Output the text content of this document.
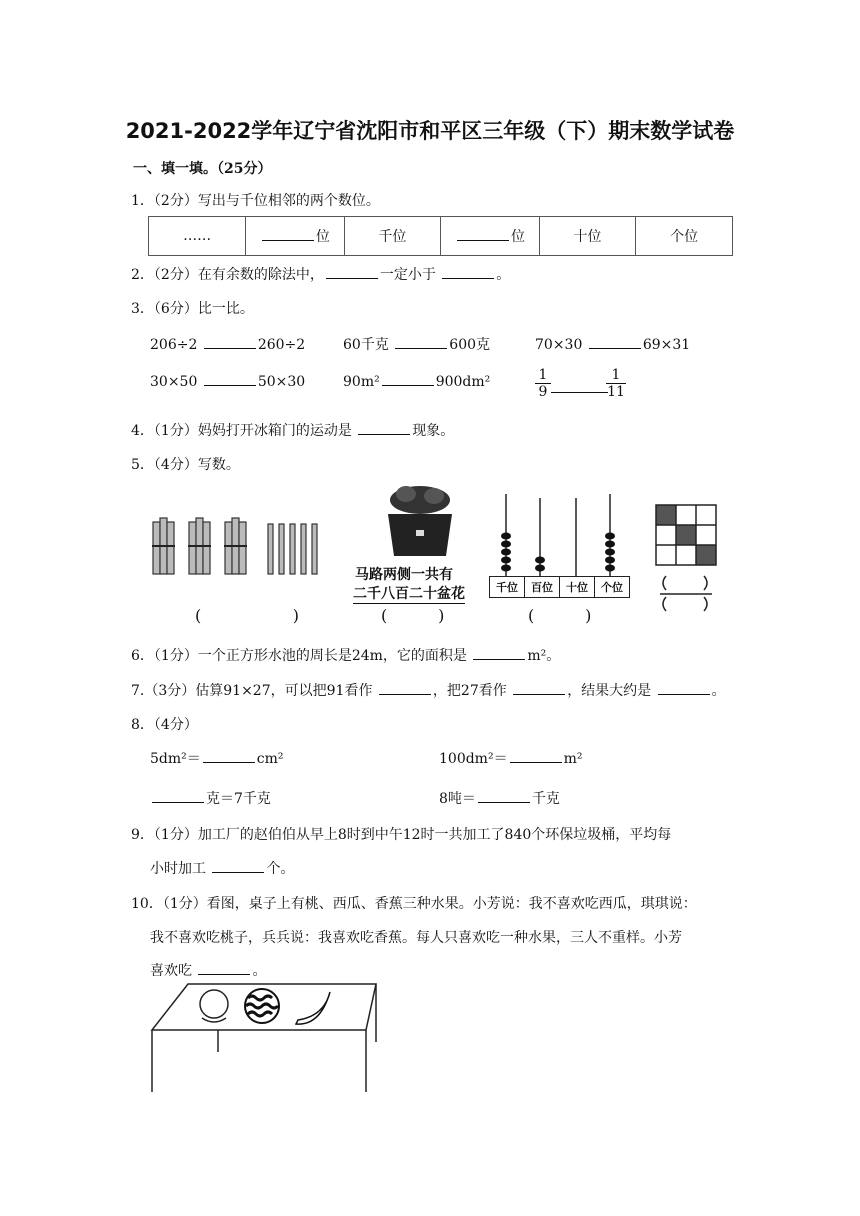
2021-2022学年辽宁省沈阳市和平区三年级（下）期末数学试卷
一、填一填。（25分）
1．（2分）写出与千位相邻的两个数位。
……	位	千位	位	十位	个位
2．（2分）在有余数的除法中，	一定小于	。
3．（6分）比一比。
206÷2	260÷2	60千克	600克	70×30	69×31
30×50	50×30	90m²	900dm²	$\frac{1}{9}$	$\frac{1}{11}$
4．（1分）妈妈打开冰箱门的运动是	现象。
5．（4分）写数。
马路两侧一共有
二千八百二十盆花	千位	百位	十位	个位
(                  )	(          )	(          )
6．（1分）一个正方形水池的周长是24m，它的面积是	m²。
7.（3分）估算91×27，可以把91看作	，把27看作	，结果大约是	。
8．（4分）
5dm²＝	cm²	100dm²＝	m²
克＝7千克	8吨＝	千克
9．（1分）加工厂的赵伯伯从早上8时到中午12时一共加工了840个环保垃圾桶，平均每
小时加工	个。
10．（1分）看图，桌子上有桃、西瓜、香蕉三种水果。小芳说：我不喜欢吃西瓜，琪琪说：
我不喜欢吃桃子，兵兵说：我喜欢吃香蕉。每人只喜欢吃一种水果，三人不重样。小芳
喜欢吃	。
